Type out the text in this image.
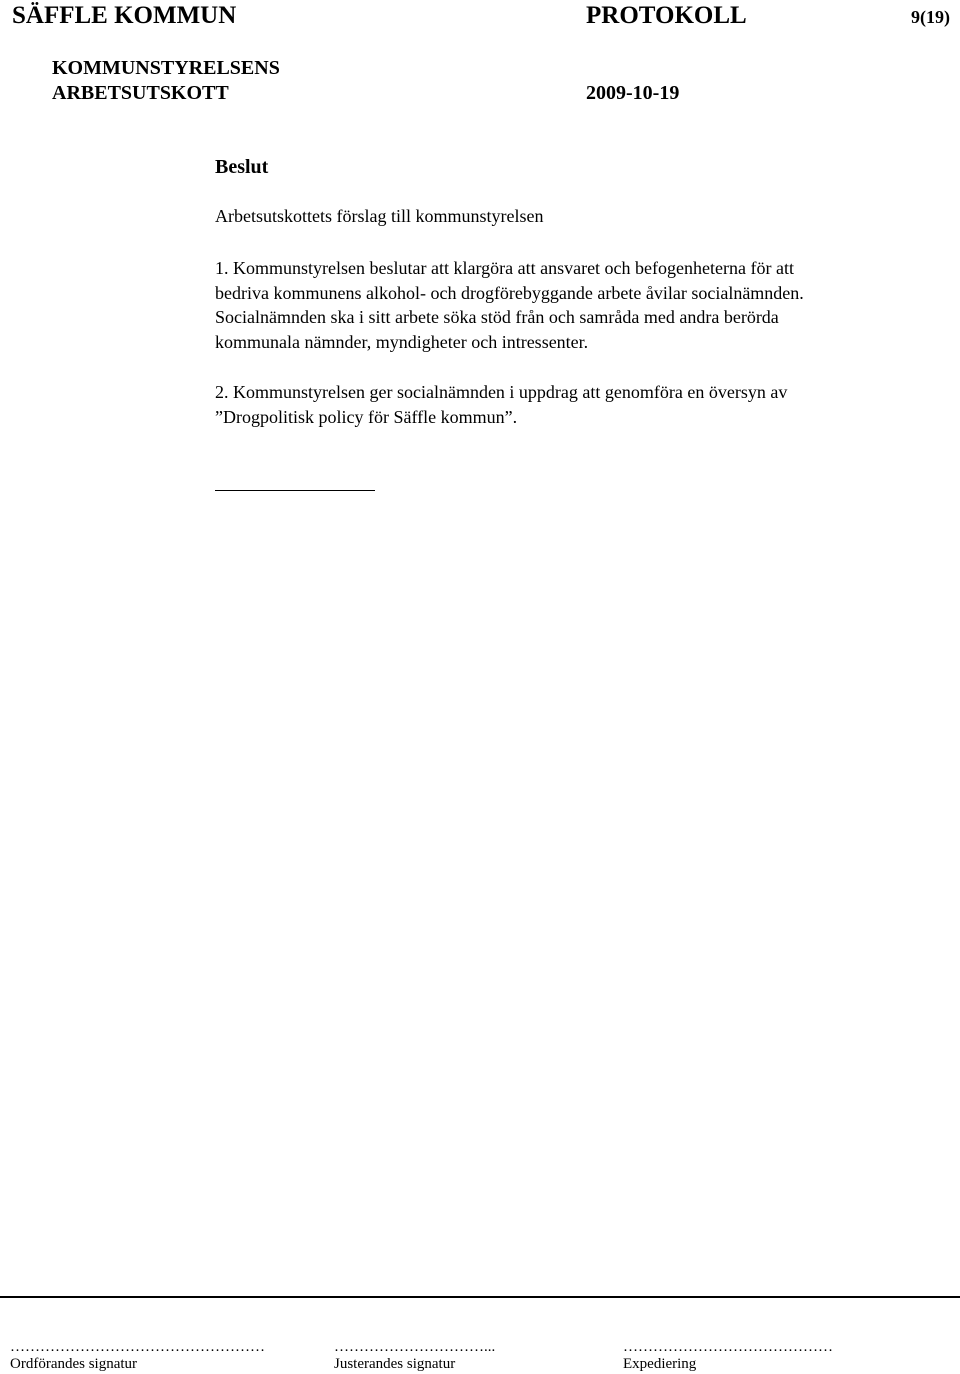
SÄFFLE KOMMUN	PROTOKOLL	9(19)
KOMMUNSTYRELSENS
ARBETSUTSKOTT	2009-10-19
Beslut
Arbetsutskottets förslag till kommunstyrelsen
1. Kommunstyrelsen beslutar att klargöra att ansvaret och befogenheterna för att
bedriva kommunens alkohol- och drogförebyggande arbete åvilar socialnämnden.
Socialnämnden ska i sitt arbete söka stöd från och samråda med andra berörda
kommunala nämnder, myndigheter och intressenter.
2. Kommunstyrelsen ger socialnämnden i uppdrag att genomföra en översyn av
”Drogpolitisk policy för Säffle kommun”.
……………………………………………	…………………………...	……………………………………
Ordförandes signatur	Justerandes signatur	Expediering
